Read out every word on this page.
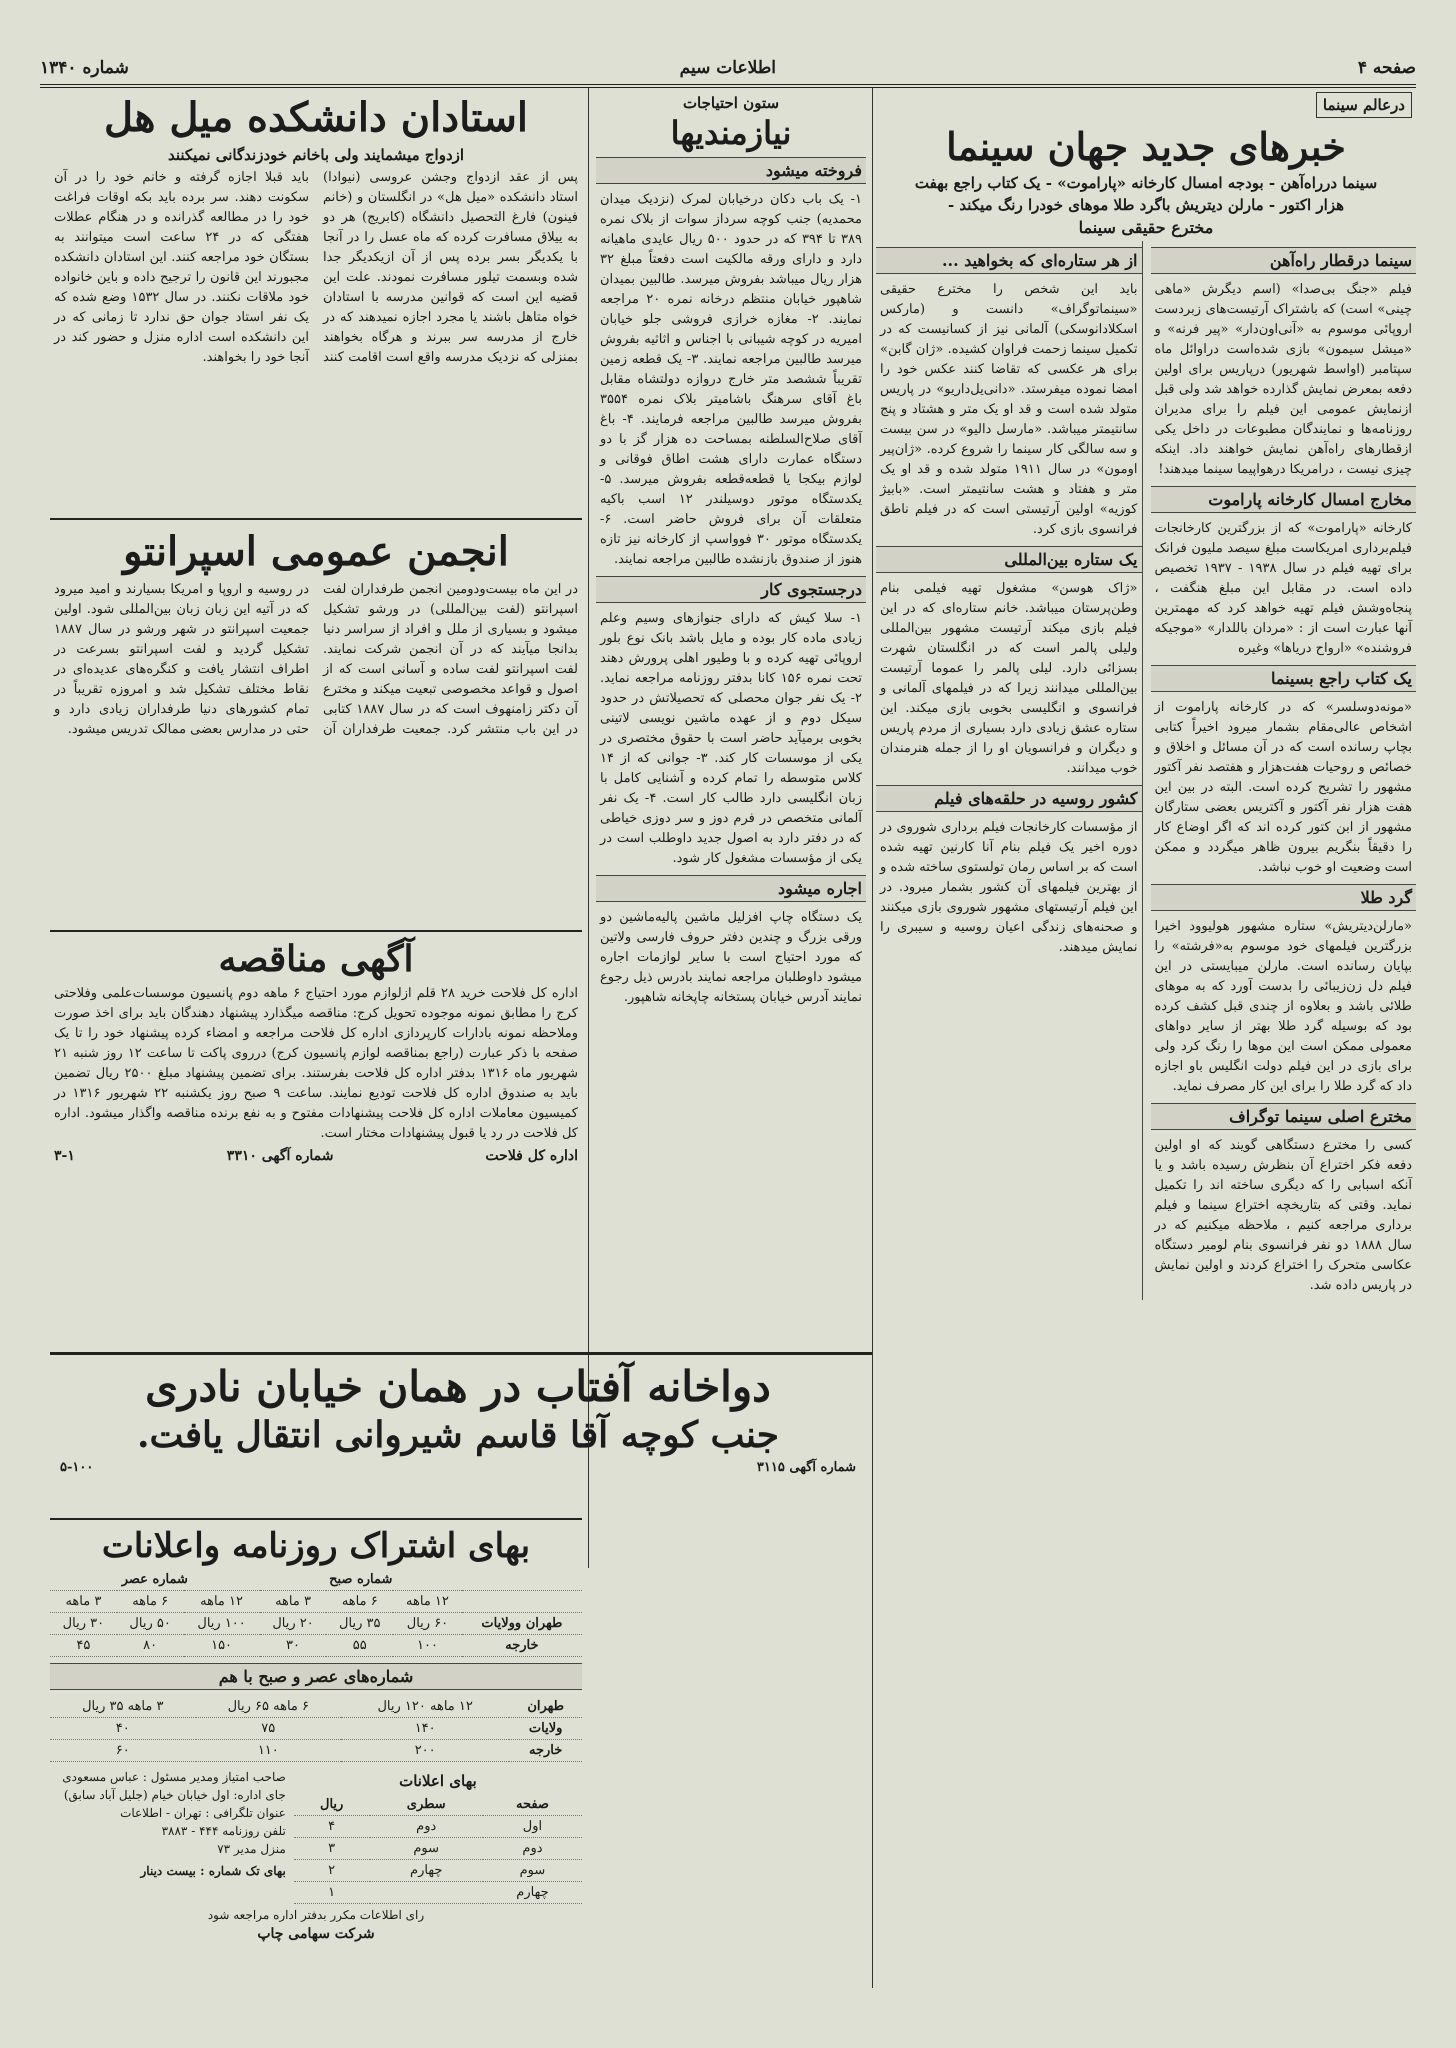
صفحه ۴
اطلاعات سیم
شماره ۱۳۴۰
درعالم سینما
خبرهای جدید جهان سینما
سینما درراه‌آهن - بودجه امسال کارخانه «پاراموت» - یک کتاب راجع بهفت
هزار اکتور - مارلن دیتریش باگرد طلا موهای خودرا رنگ میکند -
مخترع حقیقی سینما
سینما درقطار راه‌آهن

فیلم «جنگ بی‌صدا» (اسم دیگرش «ماهی چینی» است) که باشتراک آرتیست‌های زبردست اروپائی موسوم به «آنی‌اون‌دار» «پیر فرنه» و «میشل سیمون» بازی شده‌است دراوائل ماه سپتامبر (اواسط شهریور) درپاریس برای اولین دفعه بمعرض نمایش گذارده خواهد شد ولی قبل ازنمایش عمومی این فیلم را برای مدیران روزنامه‌ها و نمایندگان مطبوعات در داخل یکی ازقطارهای راه‌آهن نمایش خواهند داد. اینکه چیزی نیست ، درامریکا درهواپیما سینما میدهند!

مخارج امسال کارخانه پاراموت

کارخانه «پاراموت» که از بزرگترین کارخانجات فیلم‌برداری امریکاست مبلغ سیصد ملیون فرانک برای تهیه فیلم در سال ۱۹۳۸ - ۱۹۳۷ تخصیص داده است. در مقابل این مبلغ هنگفت ، پنجاه‌وشش فیلم تهیه خواهد کرد که مهمترین آنها عبارت است از : «مردان باللدار» «موجیکه فروشنده» «ارواح دریاها» وغیره

یک کتاب راجع بسینما

«مونه‌دوسلسر» که در کارخانه پاراموت از اشخاص عالی‌مقام بشمار میرود اخیراً کتابی بچاپ رسانده است که در آن مسائل و اخلاق و خصائص و روحیات هفت‌هزار و هفتصد نفر آکتور مشهور را تشریح کرده است. البته در بین این هفت هزار نفر آکتور و آکتریس بعضی ستارگان مشهور از ابن کتور کرده اند که اگر اوضاع کار را دقیقاً بنگریم بیرون ظاهر میگردد و ممکن است وضعیت او خوب نباشد.

گرد طلا

«مارلن‌دیتریش» ستاره مشهور هولیوود اخیرا بزرگترین فیلمهای خود موسوم به‌«فرشته» را بپایان رسانده است. مارلن میبایستی در این فیلم دل زن‌زیبائی را بدست آورد که به موهای طلائی باشد و بعلاوه از چندی قبل کشف کرده بود که بوسیله گرد طلا بهتر از سایر دواهای معمولی ممکن است این موها را رنگ کرد ولی برای بازی در این فیلم دولت انگلیس باو اجازه داد که گرد طلا را برای این کار مصرف نماید.

مخترع اصلی سینما توگراف

کسی را مخترع دستگاهی گویند که او اولین دفعه فکر اختراع آن بنظرش رسیده باشد و یا آنکه اسبابی را که دیگری ساخته اند را تکمیل نماید. وقتی که بتاریخچه اختراع سینما و فیلم برداری مراجعه کنیم ، ملاحظه میکنیم که در سال ۱۸۸۸ دو نفر فرانسوی بنام لومیر دستگاه عکاسی متحرک را اختراع کردند و اولین نمایش در پاریس داده شد.

از هر ستاره‌ای که بخواهید ...

باید این شخص را مخترع حقیقی «سینماتوگراف» دانست و (مارکس اسکلادانوسکی) آلمانی نیز از کسانیست که در تکمیل سینما زحمت فراوان کشیده. «ژان گابن» برای هر عکسی که تقاضا کنند عکس خود را امضا نموده میفرستد. «دانی‌یل‌داریو» در پاریس متولد شده است و قد او یک متر و هشتاد و پنج سانتیمتر میباشد. «مارسل دالیو» در سن بیست و سه سالگی کار سینما را شروع کرده. «ژان‌پیر اومون» در سال ۱۹۱۱ متولد شده و قد او یک متر و هفتاد و هشت سانتیمتر است. «بابیژ کوزیه» اولین آرتیستی است که در فیلم ناطق فرانسوی بازی کرد.

یک ستاره بین‌المللی

«ژاک هوسن» مشغول تهیه فیلمی بنام وطن‌پرستان میباشد. خانم ستاره‌ای که در این فیلم بازی میکند آرتیست مشهور بین‌المللی ولیلی پالمر است که در انگلستان شهرت بسزائی دارد. لیلی پالمر را عموما آرتیست بین‌المللی میدانند زیرا که در فیلمهای آلمانی و فرانسوی و انگلیسی بخوبی بازی میکند. این ستاره عشق زیادی دارد بسیاری از مردم پاریس و دیگران و فرانسویان او را از جمله هنرمندان خوب میدانند.

کشور روسیه در حلقه‌های فیلم

از مؤسسات کارخانجات فیلم برداری شوروی در دوره اخیر یک فیلم بنام آنا کارنین تهیه شده است که بر اساس رمان تولستوی ساخته شده و از بهترین فیلمهای آن کشور بشمار میرود. در این فیلم آرتیستهای مشهور شوروی بازی میکنند و صحنه‌های زندگی اعیان روسیه و سیبری را نمایش میدهند.

ستون احتیاجات
نیازمندیها
فروخته میشود

۱- یک باب دکان درخیابان لمرک (نزدیک میدان محمدیه) جنب کوچه سرداز سوات از بلاک نمره ۳۸۹ تا ۳۹۴ که در حدود ۵۰۰ ریال عایدی ماهیانه دارد و دارای ورقه مالکیت است دفعتاً مبلغ ۳۲ هزار ریال میباشد بفروش میرسد. طالبین بمیدان شاهپور خیابان منتظم درخانه نمره ۲۰ مراجعه نمایند. ۲- مغازه خرازی فروشی جلو خیابان امیریه در کوچه شیبانی با اجناس و اثاثیه بفروش میرسد طالبین مراجعه نمایند. ۳- یک قطعه زمین تقریباً ششصد متر خارج دروازه دولتشاه مقابل باغ آقای سرهنگ باشامیتر بلاک نمره ۳۵۵۴ بفروش میرسد طالبین مراجعه فرمایند. ۴- باغ آقای صلاح‌السلطنه بمساحت ده هزار گز با دو دستگاه عمارت دارای هشت اطاق فوقانی و لوازم بیکجا یا قطعه‌قطعه بفروش میرسد. ۵- یکدستگاه موتور دوسیلندر ۱۲ اسب باکیه متعلقات آن برای فروش حاضر است. ۶- یکدستگاه موتور ۳۰ فوواسپ از کارخانه نیز تازه هنوز از صندوق بازنشده طالبین مراجعه نمایند.

درجستجوی کار

۱- سلا کیش که دارای جنوازهای وسیم وعلم زیادی ماده کار بوده و مایل باشد بانک نوع بلور اروپائی تهیه کرده و با وطیور اهلی پرورش دهند تحت نمره ۱۵۶ کانا بدفتر روزنامه مراجعه نماید. ۲- یک نفر جوان محصلی که تحصیلاتش در حدود سیکل دوم و از عهده ماشین نویسی لاتینی بخوبی برمیآید حاضر است با حقوق مختصری در یکی از موسسات کار کند. ۳- جوانی که از ۱۴ کلاس متوسطه را تمام کرده و آشنایی کامل با زبان انگلیسی دارد طالب کار است. ۴- یک نفر آلمانی متخصص در فرم دوز و سر دوزی خیاطی که در دفتر دارد به اصول جدید داوطلب است در یکی از مؤسسات مشغول کار شود.

اجاره میشود

یک دستگاه چاپ افزلیل ماشین پالیه‌ماشین دو ورقی بزرگ و چندین دفتر حروف فارسی ولاتین که مورد احتیاج است با سایر لوازمات اجاره میشود داوطلبان مراجعه نمایند بادرس ذیل رجوع نمایند آدرس خیابان پستخانه چاپخانه شاهپور.

استادان دانشکده میل هل
ازدواج میشمایند ولی باخانم خودزندگانی نمیکنند

پس از عقد ازدواج وجشن عروسی (نیوادا) استاد دانشکده «میل هل» در انگلستان و (خانم فینون) فارغ التحصیل دانشگاه (کابریج) هر دو به ییلاق مسافرت کرده که ماه عسل را در آنجا با یکدیگر بسر برده پس از آن ازیکدیگر جدا شده وبسمت تیلور مسافرت نمودند. علت این قضیه این است که قوانین مدرسه با استادان خواه متاهل باشند یا مجرد اجازه نمیدهند که در خارج از مدرسه سر ببرند و هرگاه بخواهند بمنزلی که نزدیک مدرسه واقع است اقامت کنند باید قبلا اجازه گرفته و خانم خود را در آن سکونت دهند. سر برده باید بکه اوقات فراغت خود را در مطالعه گذرانده و در هنگام عطلات هفتگی که در ۲۴ ساعت است میتوانند به بستگان خود مراجعه کنند. این استادان دانشکده مجبورند این قانون را ترجیح داده و باین خانواده خود ملاقات نکنند. در سال ۱۵۳۲ وضع شده که یک نفر استاد جوان حق ندارد تا زمانی که در این دانشکده است اداره منزل و حضور کند در آنجا خود را بخواهند.

انجمن عمومی اسپرانتو

در این ماه بیست‌و‌دومین انجمن طرفداران لفت اسپرانتو (لفت بین‌المللی) در ورشو تشکیل میشود و بسیاری از ملل و افراد از سراسر دنیا بدانجا میآیند که در آن انجمن شرکت نمایند. لفت اسپرانتو لفت ساده و آسانی است که از اصول و قواعد مخصوصی تبعیت میکند و مخترع آن دکتر زامنهوف است که در سال ۱۸۸۷ کتابی در این باب منتشر کرد. جمعیت طرفداران آن در روسیه و اروپا و امریکا بسیارند و امید میرود که در آتیه این زبان زبان بین‌المللی شود. اولین جمعیت اسپرانتو در شهر ورشو در سال ۱۸۸۷ تشکیل گردید و لفت اسپرانتو بسرعت در اطراف انتشار یافت و کنگره‌های عدیده‌ای در نقاط مختلف تشکیل شد و امروزه تقریباً در تمام کشورهای دنیا طرفداران زیادی دارد و حتی در مدارس بعضی ممالک تدریس میشود.

آگهی مناقصه

اداره کل فلاحت خرید ۲۸ قلم ازلوازم مورد احتیاج ۶ ماهه دوم پانسیون موسسات‌علمی وفلاحتی کرج را مطابق نمونه موجوده تحویل کرج: مناقصه میگذارد پیشنهاد دهندگان باید برای اخذ صورت وملاحظه نمونه بادارات کارپردازی اداره کل فلاحت مراجعه و امضاء کرده پیشنهاد خود را تا یک صفحه با ذکر عبارت (راجع بمناقصه لوازم پانسیون کرج) درروی پاکت تا ساعت ۱۲ روز شنبه ۲۱ شهریور ماه ۱۳۱۶ بدفتر اداره کل فلاحت بفرستند. برای تضمین پیشنهاد مبلغ ۲۵۰۰ ریال تضمین باید به صندوق اداره کل فلاحت تودیع نمایند. ساعت ۹ صبح روز یکشنبه ۲۲ شهریور ۱۳۱۶ در کمیسیون معاملات اداره کل فلاحت پیشنهادات مفتوح و به نفع برنده مناقصه واگذار میشود. اداره کل فلاحت در رد یا قبول پیشنهادات مختار است.

اداره کل فلاحت
شماره آگهی ۳۳۱۰
۳-۱
دواخانه آفتاب در همان خیابان نادری
جنب کوچه آقا قاسم شیروانی انتقال یافت.
شماره آگهی ۳۱۱۵
۵-۱۰۰
بهای اشتراک روزنامه واعلانات
	شماره صبح			شماره عصر		
	۱۲ ماهه	۶ ماهه	۳ ماهه	۱۲ ماهه	۶ ماهه	۳ ماهه
طهران وولایات	۶۰ ریال	۳۵ ریال	۲۰ ریال	۱۰۰ ریال	۵۰ ریال	۳۰ ریال
خارجه	۱۰۰	۵۵	۳۰	۱۵۰	۸۰	۴۵
شماره‌های عصر و صبح با هم
طهران	۱۲ ماهه ۱۲۰ ریال	۶ ماهه ۶۵ ریال	۳ ماهه ۳۵ ریال
ولایات	۱۴۰	۷۵	۴۰
خارجه	۲۰۰	۱۱۰	۶۰
بهای اعلانات
صفحه	سطری	ریال
اول	دوم	۴
دوم	سوم	۳
سوم	چهارم	۲
چهارم		۱
صاحب امتیاز ومدیر مسئول : عباس مسعودی
جای اداره: اول خیابان خیام (جلیل آباد سابق)
عنوان تلگرافی : تهران - اطلاعات
تلفن روزنامه ۴۴۴ - ۳۸۸۳
منزل مدیر ۷۳
بهای تک شماره : بیست دینار
رای اطلاعات مکرر بدفتر اداره مراجعه شود
شرکت سهامی چاپ
